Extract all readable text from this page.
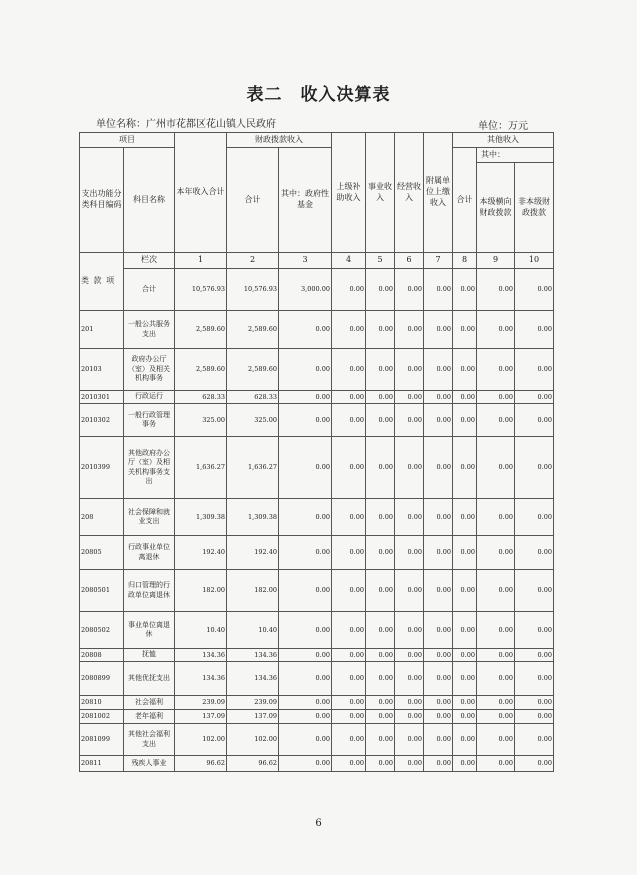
表二　收入决算表
单位名称：广州市花都区花山镇人民政府	单位：万元
项目		本年收入合计	财政拨款收入		上级补助收入	事业收入	经营收入	附属单位上缴收入	其他收入		
支出功能分类科目编码	科目名称		合计	其中：政府性基金					合计	其中：	
										本级横向财政拨款	非本级财政拨款
类 款 项	栏次	1	2	3	4	5	6	7	8	9	10
	合计	10,576.93	10,576.93	3,000.00	0.00	0.00	0.00	0.00	0.00	0.00	0.00
201	一般公共服务支出	2,589.60	2,589.60	0.00	0.00	0.00	0.00	0.00	0.00	0.00	0.00
20103	政府办公厅（室）及相关机构事务	2,589.60	2,589.60	0.00	0.00	0.00	0.00	0.00	0.00	0.00	0.00
2010301	行政运行	628.33	628.33	0.00	0.00	0.00	0.00	0.00	0.00	0.00	0.00
2010302	一般行政管理事务	325.00	325.00	0.00	0.00	0.00	0.00	0.00	0.00	0.00	0.00
2010399	其他政府办公厅（室）及相关机构事务支出	1,636.27	1,636.27	0.00	0.00	0.00	0.00	0.00	0.00	0.00	0.00
208	社会保障和就业支出	1,309.38	1,309.38	0.00	0.00	0.00	0.00	0.00	0.00	0.00	0.00
20805	行政事业单位离退休	192.40	192.40	0.00	0.00	0.00	0.00	0.00	0.00	0.00	0.00
2080501	归口管理的行政单位离退休	182.00	182.00	0.00	0.00	0.00	0.00	0.00	0.00	0.00	0.00
2080502	事业单位离退休	10.40	10.40	0.00	0.00	0.00	0.00	0.00	0.00	0.00	0.00
20808	抚恤	134.36	134.36	0.00	0.00	0.00	0.00	0.00	0.00	0.00	0.00
2080899	其他优抚支出	134.36	134.36	0.00	0.00	0.00	0.00	0.00	0.00	0.00	0.00
20810	社会福利	239.09	239.09	0.00	0.00	0.00	0.00	0.00	0.00	0.00	0.00
2081002	老年福利	137.09	137.09	0.00	0.00	0.00	0.00	0.00	0.00	0.00	0.00
2081099	其他社会福利支出	102.00	102.00	0.00	0.00	0.00	0.00	0.00	0.00	0.00	0.00
20811	残疾人事业	96.62	96.62	0.00	0.00	0.00	0.00	0.00	0.00	0.00	0.00
6
